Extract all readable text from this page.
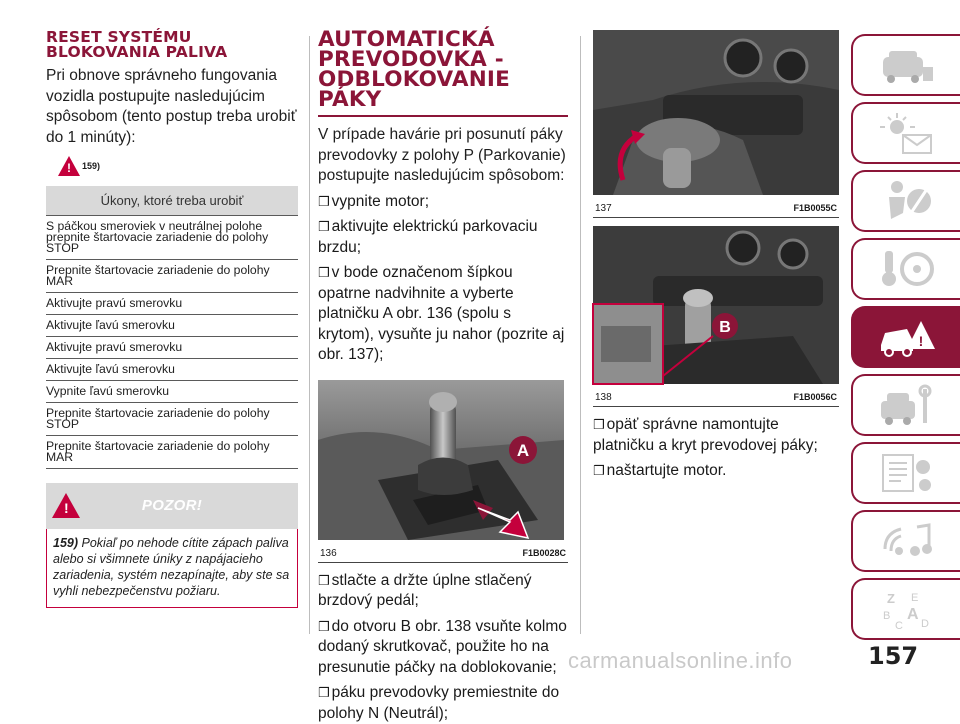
RESET SYSTÉMU BLOKOVANIA PALIVA
Pri obnove správneho fungovania vozidla postupujte nasledujúcim spôsobom (tento postup treba urobiť do 1 minúty):
! 159)
Úkony, ktoré treba urobiť
S páčkou smeroviek v neutrálnej polohe prepnite štartovacie zariadenie do polohy STOP
Prepnite štartovacie zariadenie do polohy MAR
Aktivujte pravú smerovku
Aktivujte ľavú smerovku
Aktivujte pravú smerovku
Aktivujte ľavú smerovku
Vypnite ľavú smerovku
Prepnite štartovacie zariadenie do polohy STOP
Prepnite štartovacie zariadenie do polohy MAR
!	POZOR!
159) Pokiaľ po nehode cítite zápach paliva alebo si všimnete úniky z napájacieho zariadenia, systém nezapínajte, aby ste sa vyhli nebezpečenstvu požiaru.
AUTOMATICKÁ PREVODOVKA - ODBLOKOVANIE PÁKY
V prípade havárie pri posunutí páky prevodovky z polohy P (Parkovanie) postupujte nasledujúcim spôsobom:
❒ vypnite motor;
❒ aktivujte elektrickú parkovaciu brzdu;
❒ v bode označenom šípkou opatrne nadvihnite a vyberte platničku A obr. 136 (spolu s krytom), vysuňte ju nahor (pozrite aj obr. 137);
A
136	F1B0028C
❒ stlačte a držte úplne stlačený brzdový pedál;
❒ do otvoru B obr. 138 vsuňte kolmo dodaný skrutkovač, použite ho na presunutie páčky na doblokovanie;
❒ páku prevodovky premiestnite do polohy N (Neutrál);
137	F1B0055C
B
138	F1B0056C
❒ opäť správne namontujte platničku a kryt prevodovej páky;
❒ naštartujte motor.
!
Z E
B A
C D
carmanualsonline.info	157
